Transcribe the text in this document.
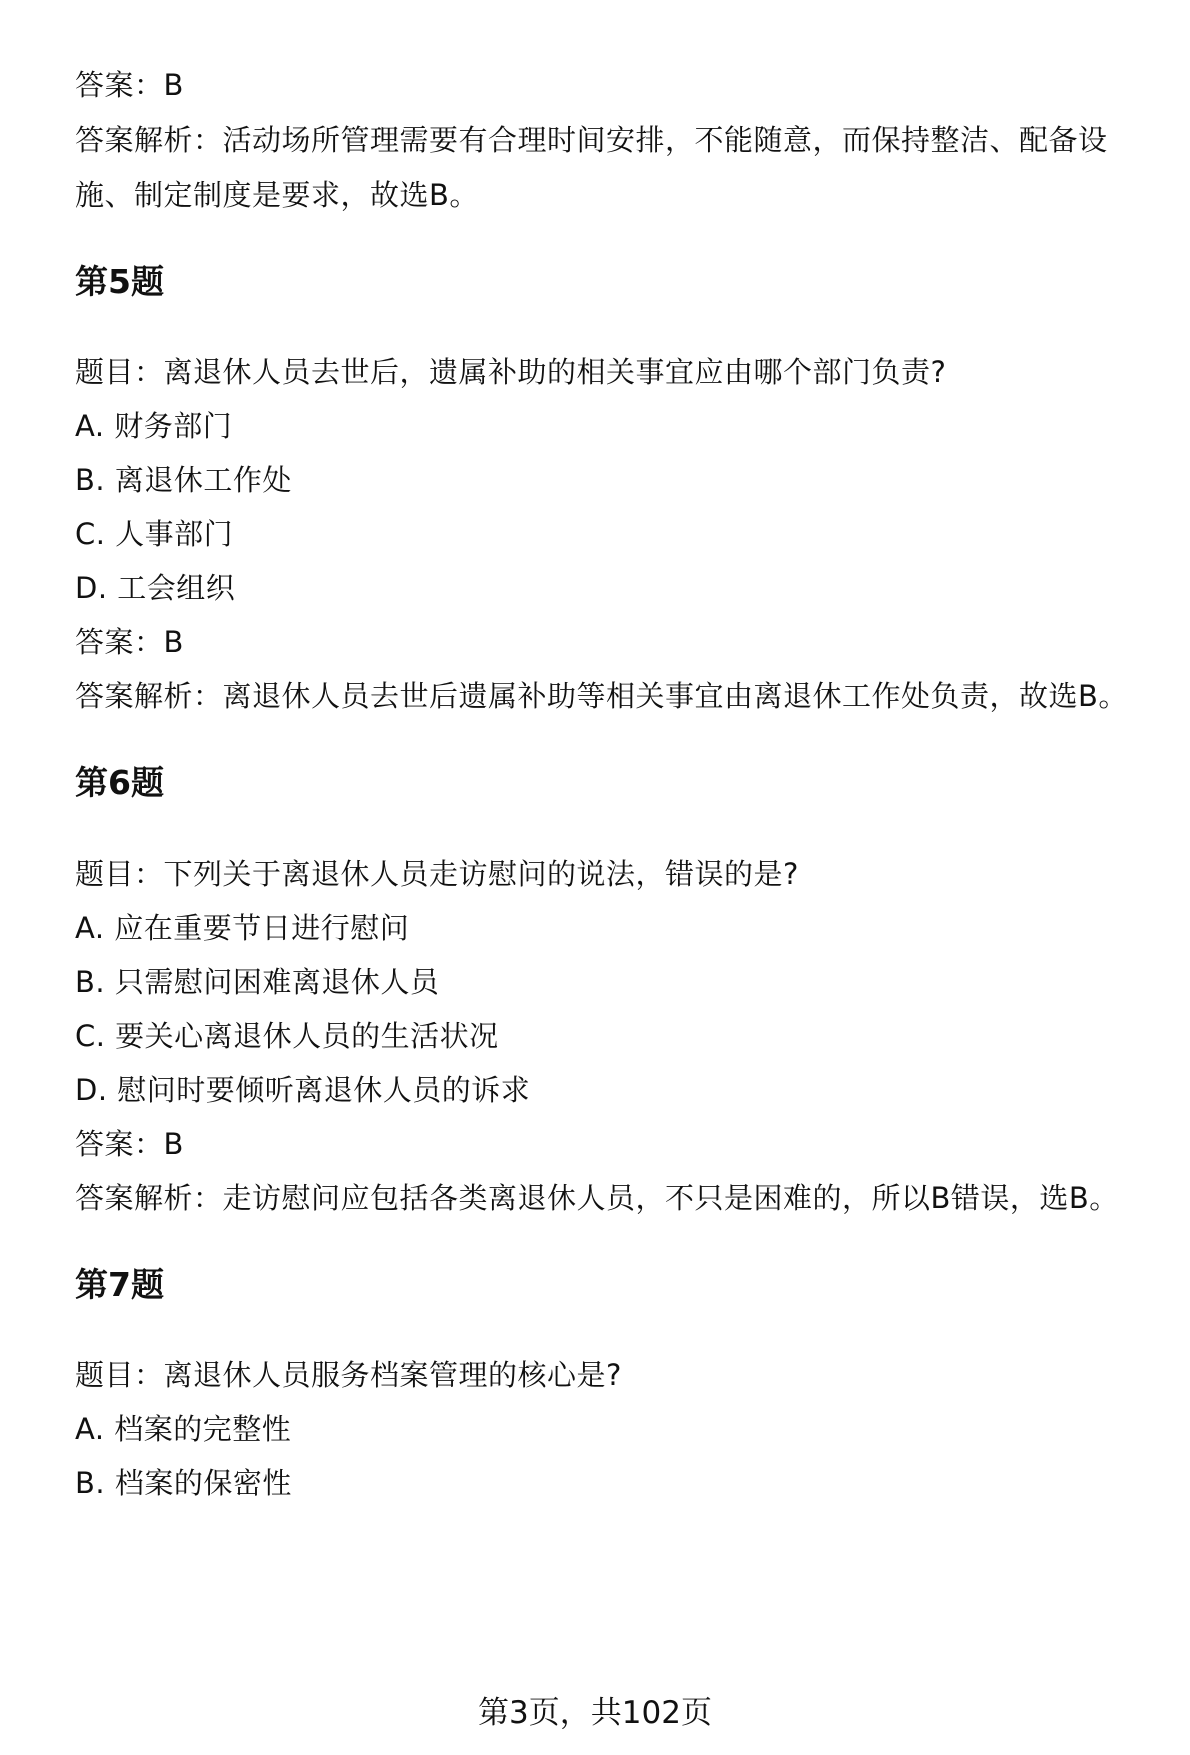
答案：B
答案解析：活动场所管理需要有合理时间安排，不能随意，而保持整洁、配备设
施、制定制度是要求，故选B。
第5题
题目：离退休人员去世后，遗属补助的相关事宜应由哪个部门负责?
A. 财务部门
B. 离退休工作处
C. 人事部门
D. 工会组织
答案：B
答案解析：离退休人员去世后遗属补助等相关事宜由离退休工作处负责，故选B。
第6题
题目：下列关于离退休人员走访慰问的说法，错误的是?
A. 应在重要节日进行慰问
B. 只需慰问困难离退休人员
C. 要关心离退休人员的生活状况
D. 慰问时要倾听离退休人员的诉求
答案：B
答案解析：走访慰问应包括各类离退休人员，不只是困难的，所以B错误，选B。
第7题
题目：离退休人员服务档案管理的核心是?
A. 档案的完整性
B. 档案的保密性
第3页，共102页
